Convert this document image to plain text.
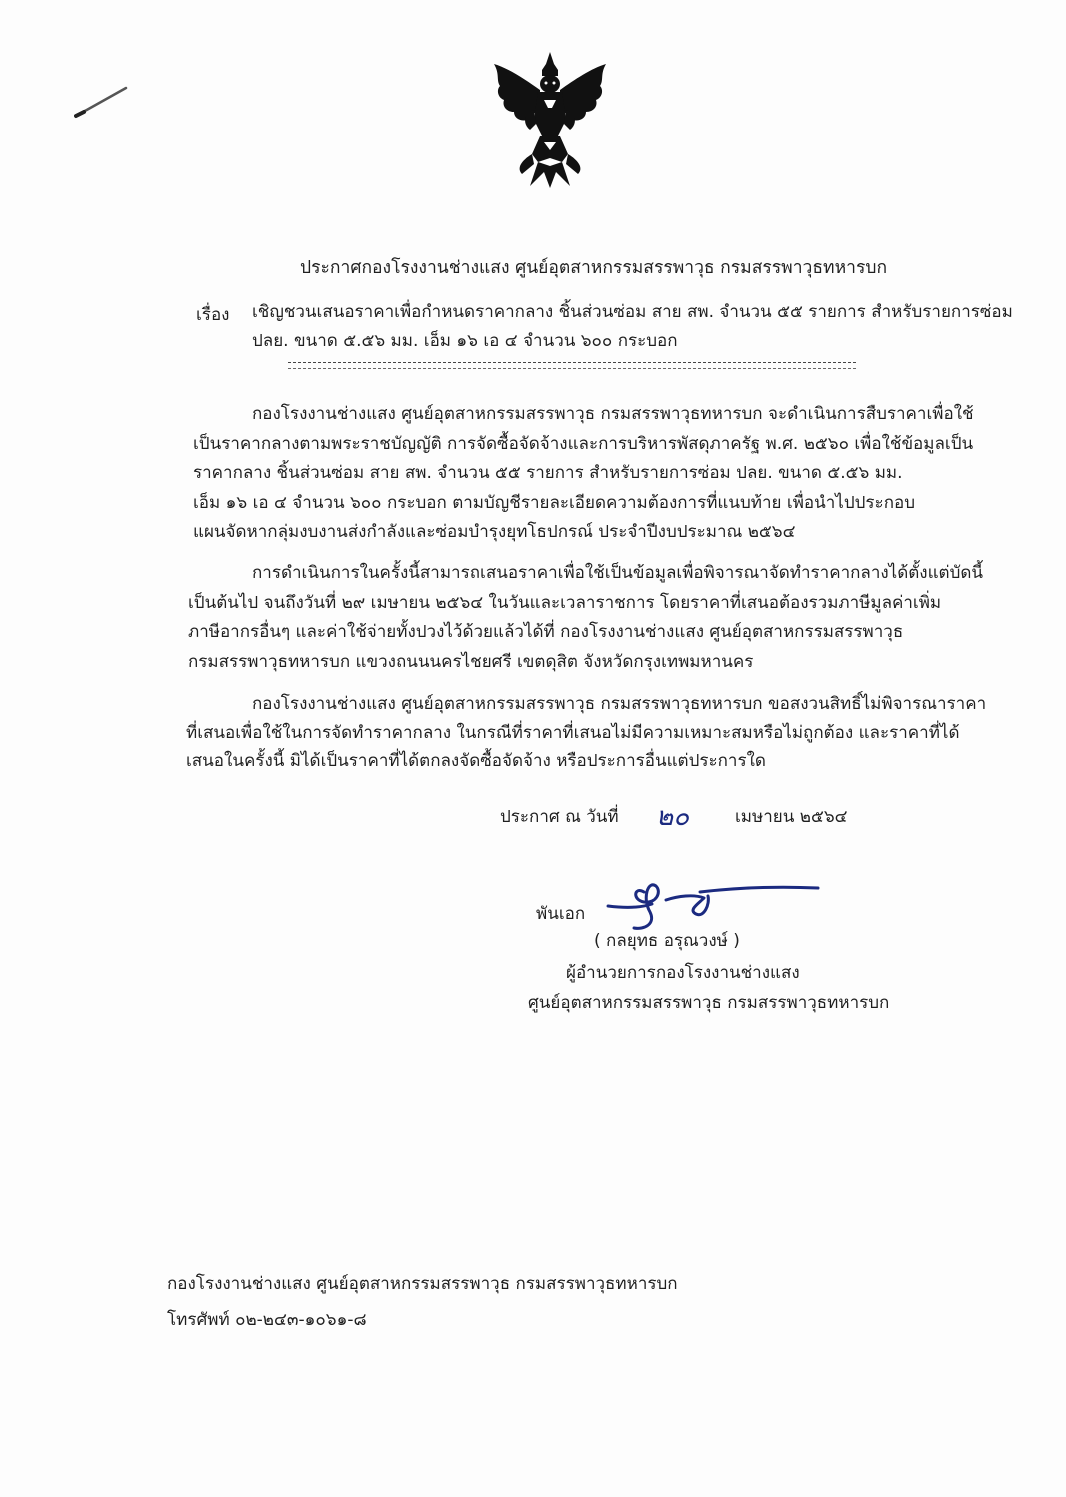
ประกาศกองโรงงานช่างแสง ศูนย์อุตสาหกรรมสรรพาวุธ กรมสรรพาวุธทหารบก
เรื่อง เชิญชวนเสนอราคาเพื่อกำหนดราคากลาง ชิ้นส่วนซ่อม สาย สพ. จำนวน ๕๕ รายการ สำหรับรายการซ่อม
ปลย. ขนาด ๕.๕๖ มม. เอ็ม ๑๖ เอ ๔ จำนวน ๖๐๐ กระบอก
กองโรงงานช่างแสง ศูนย์อุตสาหกรรมสรรพาวุธ กรมสรรพาวุธทหารบก จะดำเนินการสืบราคาเพื่อใช้
เป็นราคากลางตามพระราชบัญญัติ การจัดซื้อจัดจ้างและการบริหารพัสดุภาครัฐ พ.ศ. ๒๕๖๐ เพื่อใช้ข้อมูลเป็น
ราคากลาง ชิ้นส่วนซ่อม สาย สพ. จำนวน ๕๕ รายการ สำหรับรายการซ่อม ปลย. ขนาด ๕.๕๖ มม.
เอ็ม ๑๖ เอ ๔ จำนวน ๖๐๐ กระบอก ตามบัญชีรายละเอียดความต้องการที่แนบท้าย เพื่อนำไปประกอบ
แผนจัดหากลุ่มงบงานส่งกำลังและซ่อมบำรุงยุทโธปกรณ์ ประจำปีงบประมาณ ๒๕๖๔
การดำเนินการในครั้งนี้สามารถเสนอราคาเพื่อใช้เป็นข้อมูลเพื่อพิจารณาจัดทำราคากลางได้ตั้งแต่บัดนี้
เป็นต้นไป จนถึงวันที่ ๒๙ เมษายน ๒๕๖๔ ในวันและเวลาราชการ โดยราคาที่เสนอต้องรวมภาษีมูลค่าเพิ่ม
ภาษีอากรอื่นๆ และค่าใช้จ่ายทั้งปวงไว้ด้วยแล้วได้ที่ กองโรงงานช่างแสง ศูนย์อุตสาหกรรมสรรพาวุธ
กรมสรรพาวุธทหารบก แขวงถนนนครไชยศรี เขตดุสิต จังหวัดกรุงเทพมหานคร
กองโรงงานช่างแสง ศูนย์อุตสาหกรรมสรรพาวุธ กรมสรรพาวุธทหารบก ขอสงวนสิทธิ์ไม่พิจารณาราคา
ที่เสนอเพื่อใช้ในการจัดทำราคากลาง ในกรณีที่ราคาที่เสนอไม่มีความเหมาะสมหรือไม่ถูกต้อง และราคาที่ได้
เสนอในครั้งนี้ มิได้เป็นราคาที่ได้ตกลงจัดซื้อจัดจ้าง หรือประการอื่นแต่ประการใด
ประกาศ ณ วันที่ ๒๐	เมษายน ๒๕๖๔
พันเอก
( กลยุทธ อรุณวงษ์ )
ผู้อำนวยการกองโรงงานช่างแสง
ศูนย์อุตสาหกรรมสรรพาวุธ กรมสรรพาวุธทหารบก
กองโรงงานช่างแสง ศูนย์อุตสาหกรรมสรรพาวุธ กรมสรรพาวุธทหารบก
โทรศัพท์ ๐๒-๒๔๓-๑๐๖๑-๘
